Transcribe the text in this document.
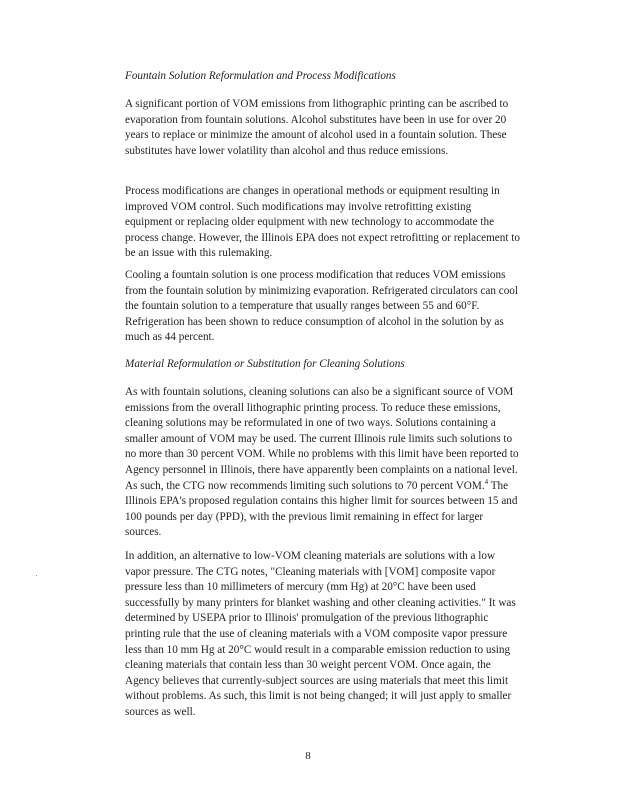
Fountain Solution Reformulation and Process Modifications
A significant portion of VOM emissions from lithographic printing can be ascribed to evaporation from fountain solutions. Alcohol substitutes have been in use for over 20 years to replace or minimize the amount of alcohol used in a fountain solution. These substitutes have lower volatility than alcohol and thus reduce emissions.
Process modifications are changes in operational methods or equipment resulting in improved VOM control. Such modifications may involve retrofitting existing equipment or replacing older equipment with new technology to accommodate the process change. However, the Illinois EPA does not expect retrofitting or replacement to be an issue with this rulemaking.
Cooling a fountain solution is one process modification that reduces VOM emissions from the fountain solution by minimizing evaporation. Refrigerated circulators can cool the fountain solution to a temperature that usually ranges between 55 and 60°F. Refrigeration has been shown to reduce consumption of alcohol in the solution by as much as 44 percent.
Material Reformulation or Substitution for Cleaning Solutions
As with fountain solutions, cleaning solutions can also be a significant source of VOM emissions from the overall lithographic printing process. To reduce these emissions, cleaning solutions may be reformulated in one of two ways. Solutions containing a smaller amount of VOM may be used. The current Illinois rule limits such solutions to no more than 30 percent VOM. While no problems with this limit have been reported to Agency personnel in Illinois, there have apparently been complaints on a national level. As such, the CTG now recommends limiting such solutions to 70 percent VOM.$^4$ The Illinois EPA's proposed regulation contains this higher limit for sources between 15 and 100 pounds per day (PPD), with the previous limit remaining in effect for larger sources.
In addition, an alternative to low-VOM cleaning materials are solutions with a low vapor pressure. The CTG notes, "Cleaning materials with [VOM] composite vapor pressure less than 10 millimeters of mercury (mm Hg) at 20°C have been used successfully by many printers for blanket washing and other cleaning activities." It was determined by USEPA prior to Illinois' promulgation of the previous lithographic printing rule that the use of cleaning materials with a VOM composite vapor pressure less than 10 mm Hg at 20°C would result in a comparable emission reduction to using cleaning materials that contain less than 30 weight percent VOM. Once again, the Agency believes that currently-subject sources are using materials that meet this limit without problems. As such, this limit is not being changed; it will just apply to smaller sources as well.
8
